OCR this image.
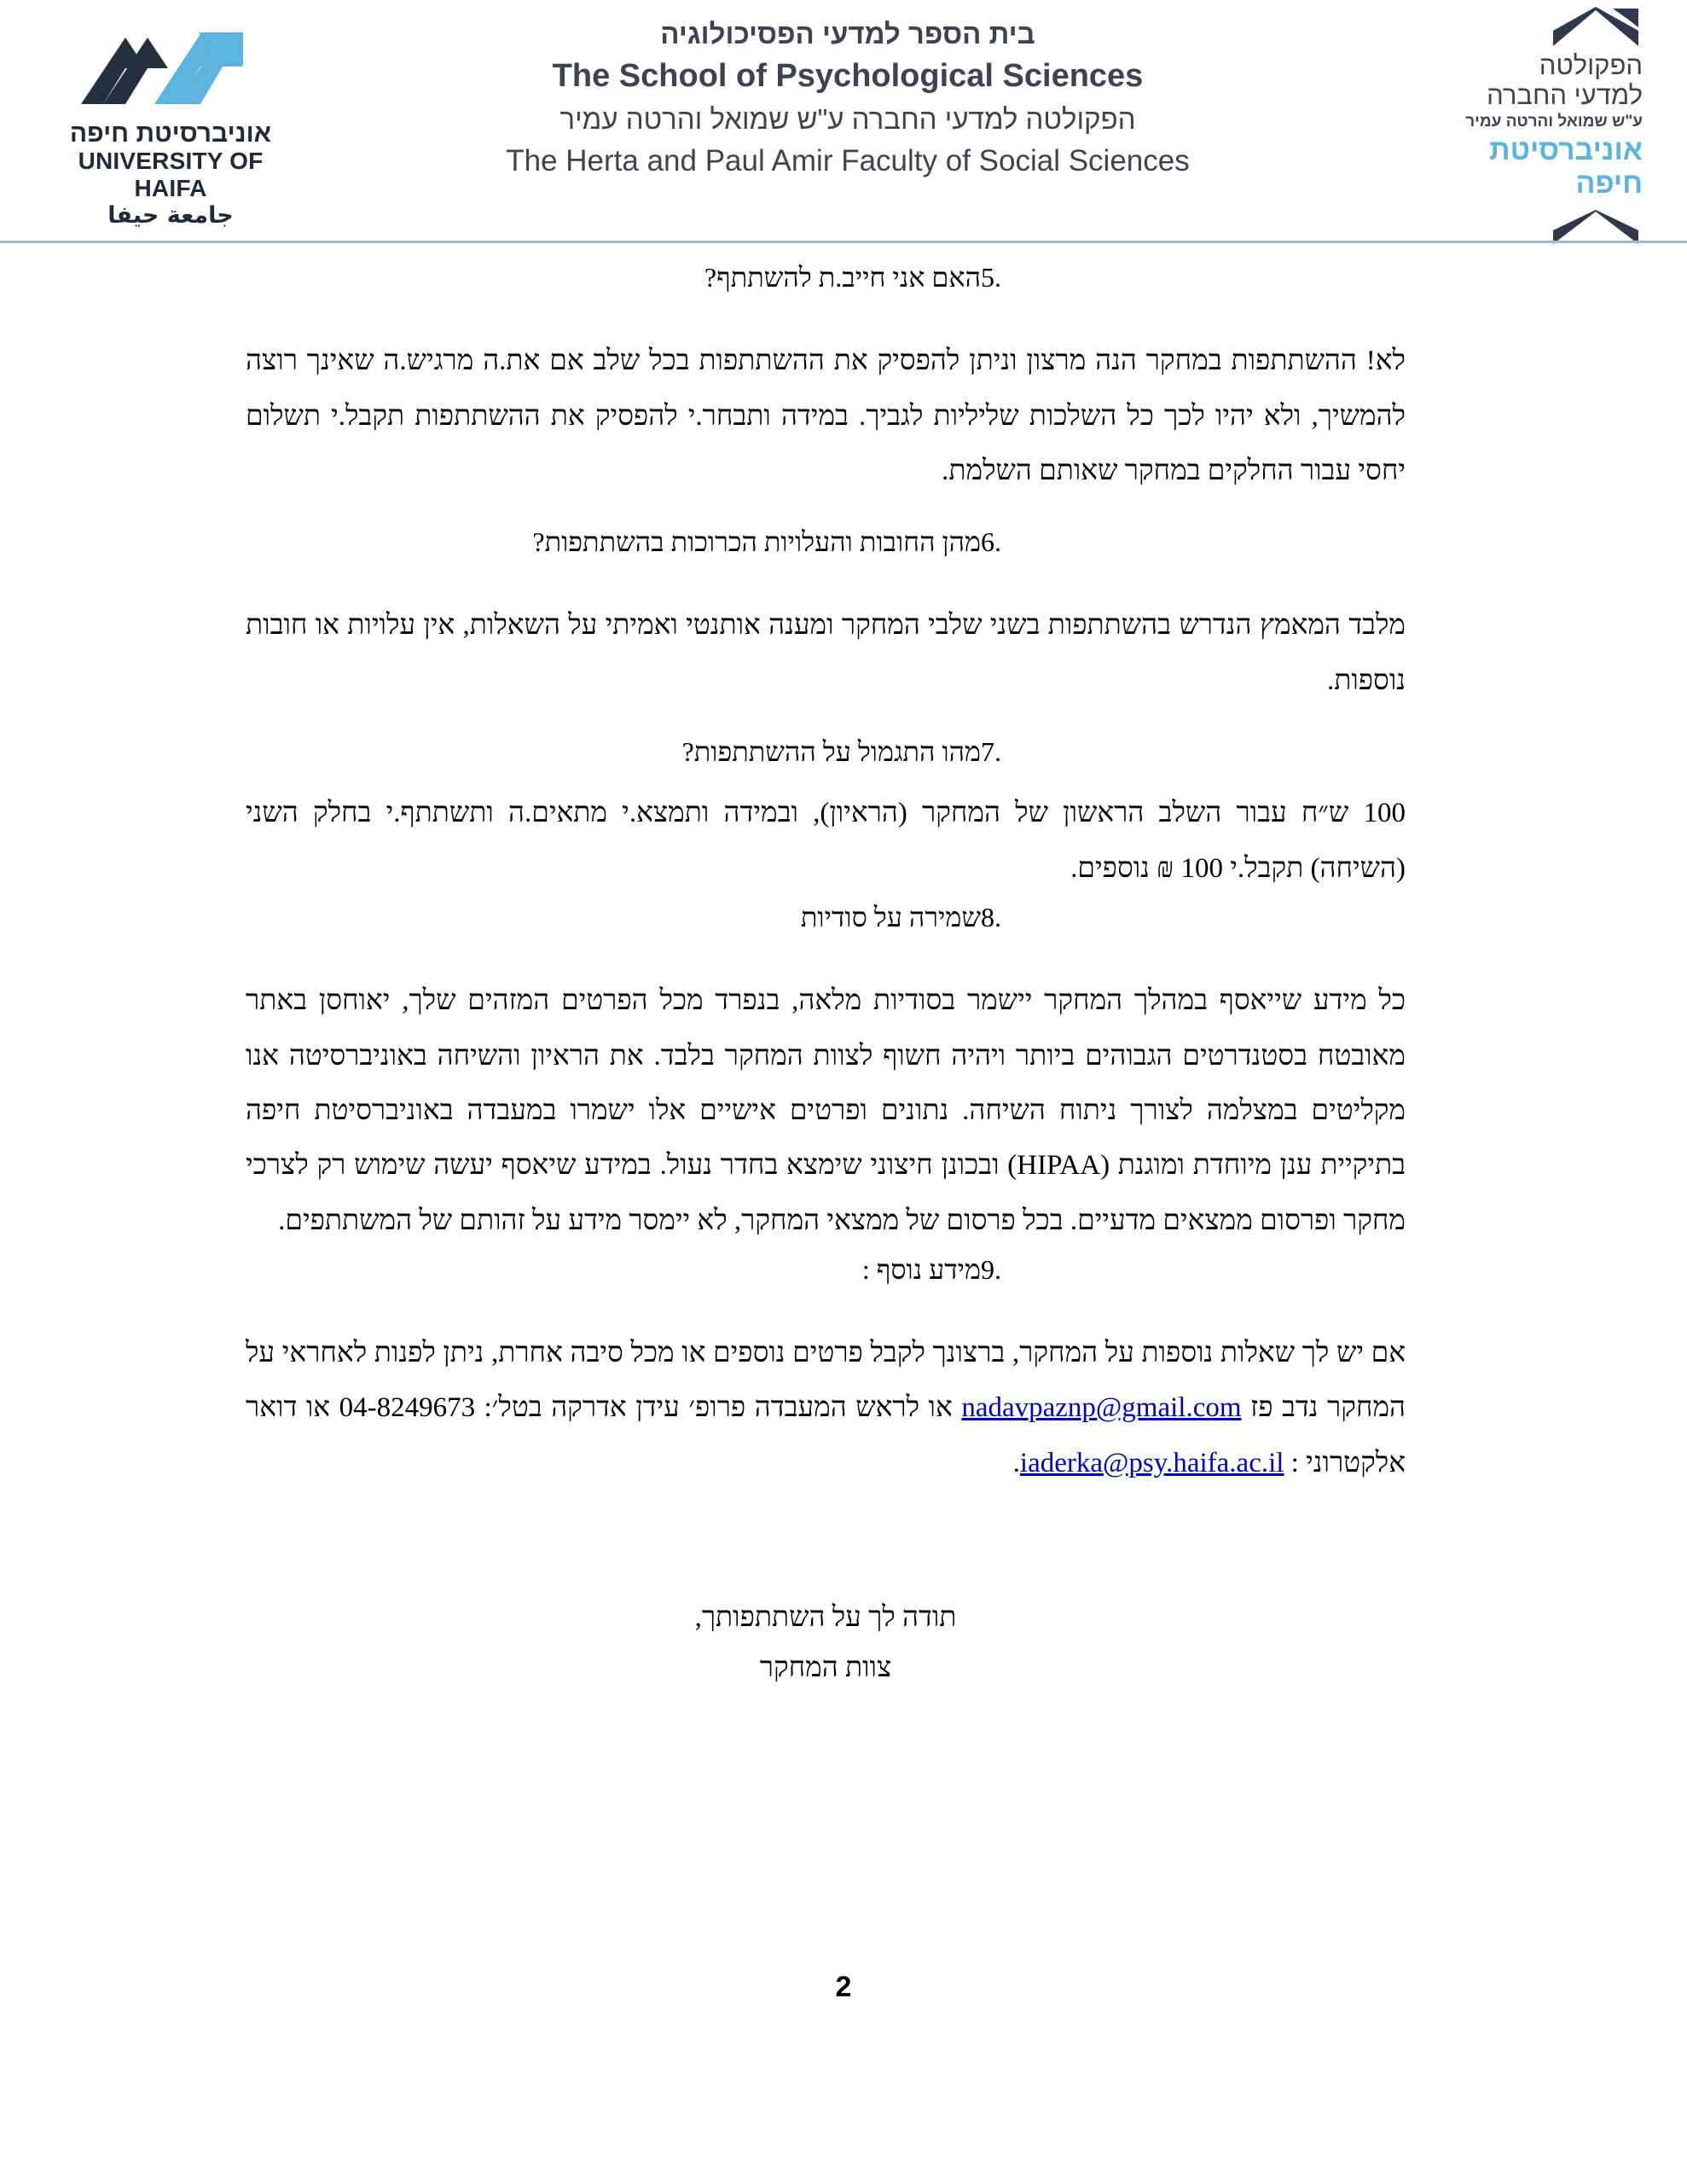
אוניברסיטת חיפה
UNIVERSITY OF HAIFA
جامعة حيفا
בית הספר למדעי הפסיכולוגיה
The School of Psychological Sciences
הפקולטה למדעי החברה ע"ש שמואל והרטה עמיר
The Herta and Paul Amir Faculty of Social Sciences
הפקולטה
למדעי החברה
ע"ש שמואל והרטה עמיר
אוניברסיטת
חיפה
5.
האם אני חייב.ת להשתתף?

לא! ההשתתפות במחקר הנה מרצון וניתן להפסיק את ההשתתפות בכל שלב אם את.ה מרגיש.ה שאינך רוצה להמשיך, ולא יהיו לכך כל השלכות שליליות לגביך. במידה ותבחר.י להפסיק את ההשתתפות תקבל.י תשלום יחסי עבור החלקים במחקר שאותם השלמת.

6.
מהן החובות והעלויות הכרוכות בהשתתפות?

מלבד המאמץ הנדרש בהשתתפות בשני שלבי המחקר ומענה אותנטי ואמיתי על השאלות, אין עלויות או חובות נוספות.

7.
מהו התגמול על ההשתתפות?

100 ש״ח עבור השלב הראשון של המחקר (הראיון), ובמידה ותמצא.י מתאים.ה ותשתתף.י בחלק השני (השיחה) תקבל.י 100 ₪ נוספים.

8.
שמירה על סודיות

כל מידע שייאסף במהלך המחקר יישמר בסודיות מלאה, בנפרד מכל הפרטים המזהים שלך, יאוחסן באתר מאובטח בסטנדרטים הגבוהים ביותר ויהיה חשוף לצוות המחקר בלבד. את הראיון והשיחה באוניברסיטה אנו מקליטים במצלמה לצורך ניתוח השיחה. נתונים ופרטים אישיים אלו ישמרו במעבדה באוניברסיטת חיפה בתיקיית ענן מיוחדת ומוגנת (HIPAA) ובכונן חיצוני שימצא בחדר נעול. במידע שיאסף יעשה שימוש רק לצרכי מחקר ופרסום ממצאים מדעיים. בכל פרסום של ממצאי המחקר, לא יימסר מידע על זהותם של המשתתפים.

9.
מידע נוסף :

אם יש לך שאלות נוספות על המחקר, ברצונך לקבל פרטים נוספים או מכל סיבה אחרת, ניתן לפנות לאחראי על המחקר נדב פז nadavpaznp@gmail.com או לראש המעבדה פרופ׳ עידן אדרקה בטל׳: 04-8249673 או דואר אלקטרוני : iaderka@psy.haifa.ac.il.

תודה לך על השתתפותך,
צוות המחקר
2
